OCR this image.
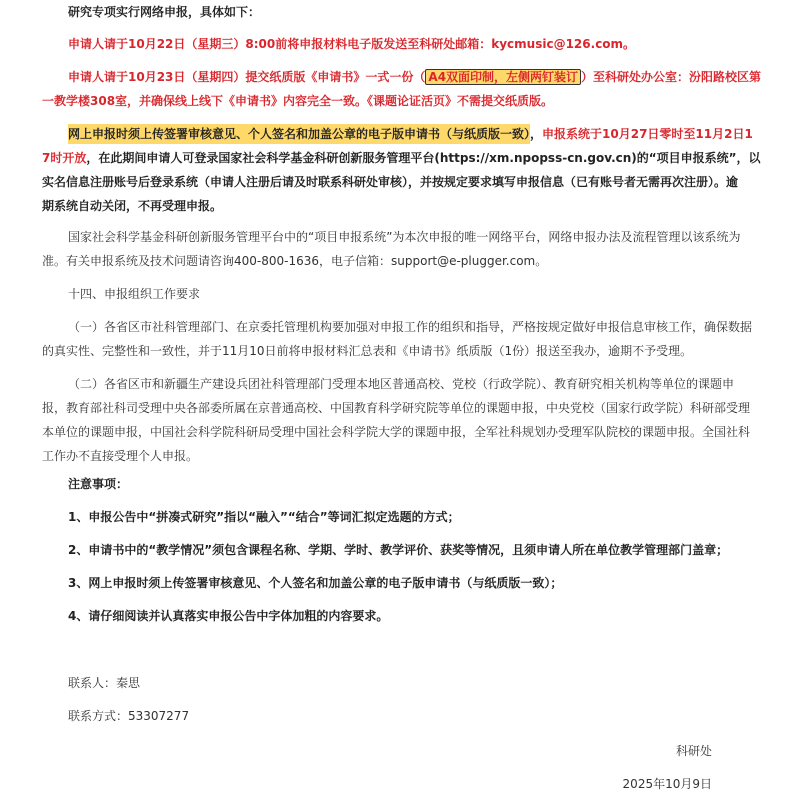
研究专项实行网络申报，具体如下：
申请人请于10月22日（星期三）8:00前将申报材料电子版发送至科研处邮箱：kycmusic@126.com。
申请人请于10月23日（星期四）提交纸质版《申请书》一式一份（ A4双面印制，左侧两钉装订 ）至科研处办公室：汾阳路校区第
一教学楼308室，并确保线上线下《申请书》内容完全一致。《课题论证活页》不需提交纸质版。
网上申报时须上传签署审核意见、个人签名和加盖公章的电子版申请书（与纸质版一致），申报系统于10月27日零时至11月2日1
7时开放，在此期间申请人可登录国家社会科学基金科研创新服务管理平台(https://xm.npopss-cn.gov.cn)的“项目申报系统”，以
实名信息注册账号后登录系统（申请人注册后请及时联系科研处审核），并按规定要求填写申报信息（已有账号者无需再次注册）。逾
期系统自动关闭，不再受理申报。
国家社会科学基金科研创新服务管理平台中的“项目申报系统”为本次申报的唯一网络平台，网络申报办法及流程管理以该系统为
准。有关申报系统及技术问题请咨询400-800-1636，电子信箱：support@e-plugger.com。
十四、申报组织工作要求
（一）各省区市社科管理部门、在京委托管理机构要加强对申报工作的组织和指导，严格按规定做好申报信息审核工作，确保数据
的真实性、完整性和一致性，并于11月10日前将申报材料汇总表和《申请书》纸质版（1份）报送至我办，逾期不予受理。
（二）各省区市和新疆生产建设兵团社科管理部门受理本地区普通高校、党校（行政学院）、教育研究相关机构等单位的课题申
报，教育部社科司受理中央各部委所属在京普通高校、中国教育科学研究院等单位的课题申报，中央党校（国家行政学院）科研部受理
本单位的课题申报，中国社会科学院科研局受理中国社会科学院大学的课题申报，全军社科规划办受理军队院校的课题申报。全国社科
工作办不直接受理个人申报。
注意事项：
1、申报公告中“拼凑式研究”指以“融入”“结合”等词汇拟定选题的方式；
2、申请书中的“教学情况”须包含课程名称、学期、学时、教学评价、获奖等情况，且须申请人所在单位教学管理部门盖章；
3、网上申报时须上传签署审核意见、个人签名和加盖公章的电子版申请书（与纸质版一致）；
4、请仔细阅读并认真落实申报公告中字体加粗的内容要求。
联系人：秦思
联系方式：53307277
科研处
2025年10月9日
